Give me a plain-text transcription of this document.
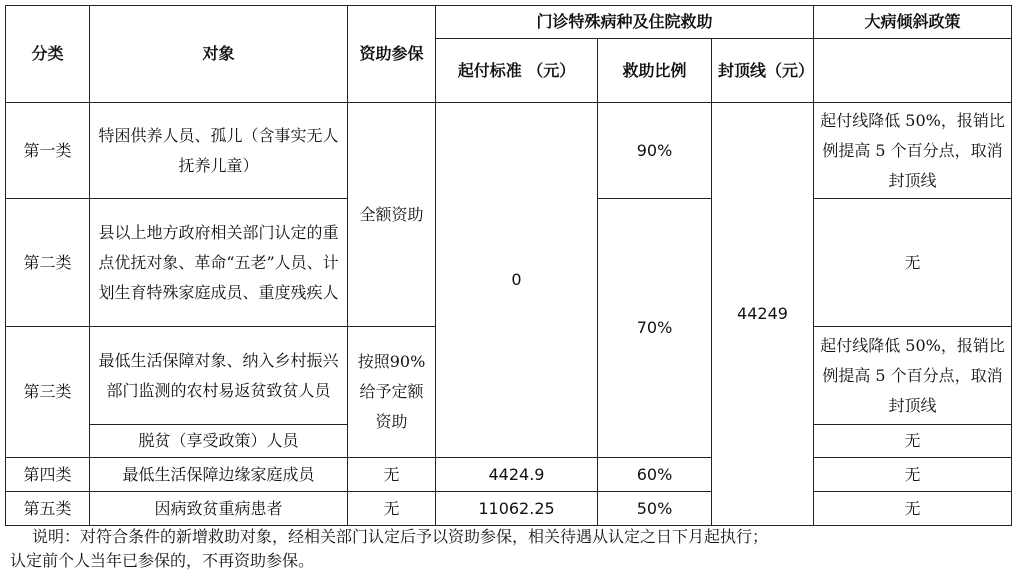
分类	对象	资助参保	门诊特殊病种及住院救助			大病倾斜政策
			起付标准 （元）	救助比例	封顶线（元）	
第一类	特困供养人员、孤儿（含事实无人抚养儿童）	全额资助	0	90%	44249	起付线降低 50%，报销比例提高 5 个百分点，取消封顶线
第二类	县以上地方政府相关部门认定的重点优抚对象、革命“五老”人员、计划生育特殊家庭成员、重度残疾人			70%		无
第三类	最低生活保障对象、纳入乡村振兴部门监测的农村易返贫致贫人员	按照90%给予定额资助				起付线降低 50%，报销比例提高 5 个百分点，取消封顶线
	脱贫（享受政策）人员					无
第四类	最低生活保障边缘家庭成员	无	4424.9	60%		无
第五类	因病致贫重病患者	无	11062.25	50%		无
说明：对符合条件的新增救助对象，经相关部门认定后予以资助参保，相关待遇从认定之日下月起执行；
认定前个人当年已参保的，不再资助参保。
